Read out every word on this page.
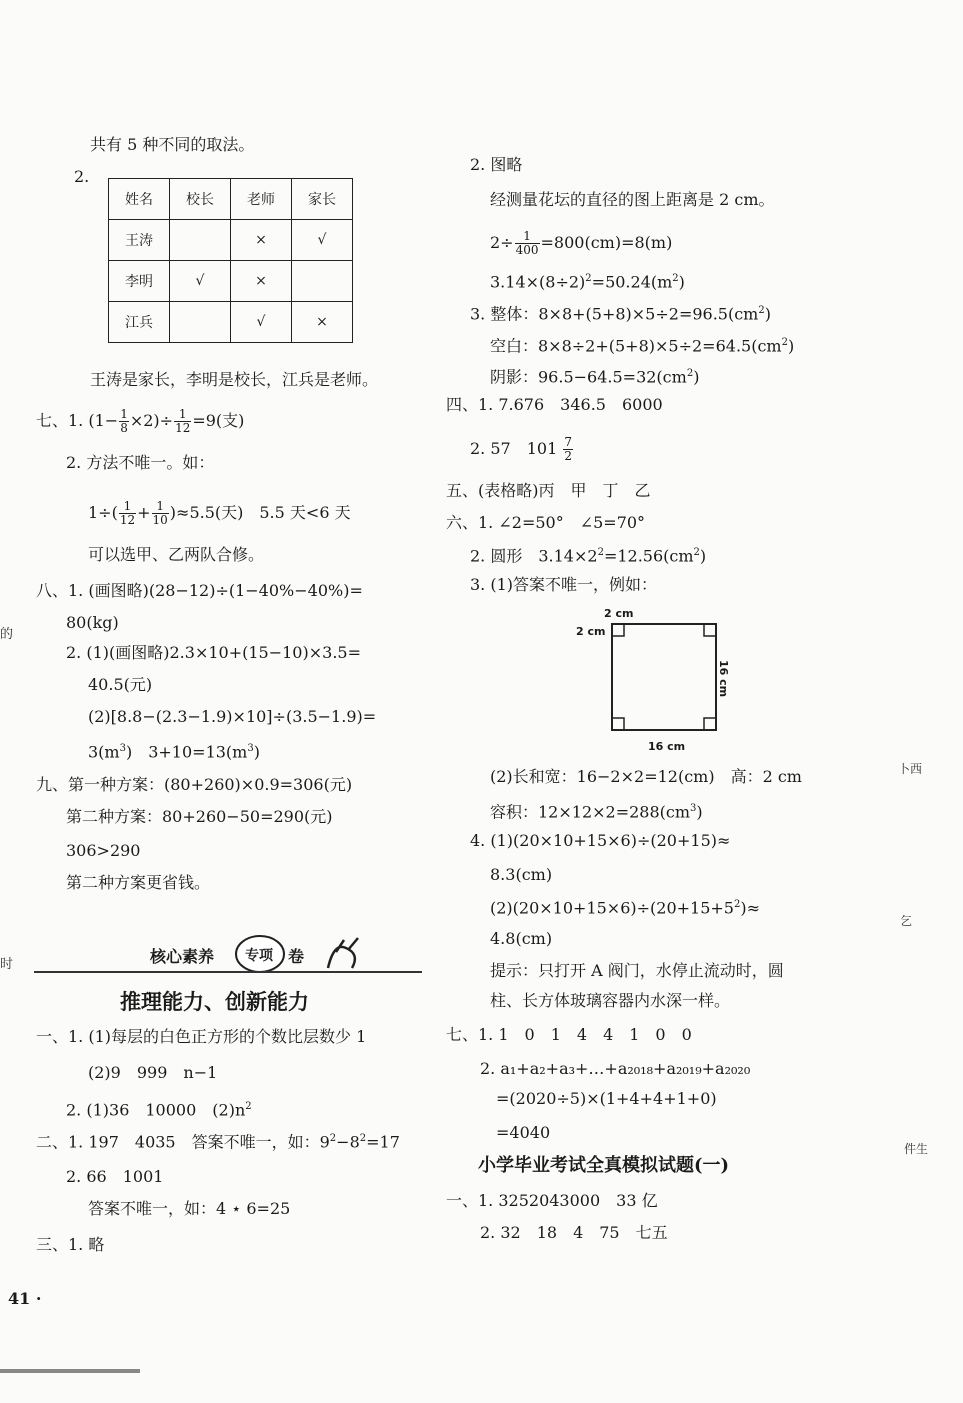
共有 5 种不同的取法。
2.
姓名	校长	老师	家长
王涛		×	√
李明	√	×	
江兵		√	×
王涛是家长，李明是校长，江兵是老师。
七、1. $(1- \frac{1}{8} \times 2)\div \frac{1}{12} =9$(支)
2. 方法不唯一。如：
$1\div( \frac{1}{12} + \frac{1}{10} )\approx 5.5$(天)　5.5 天<6 天
可以选甲、乙两队合修。
八、1. (画图略)(28−12)÷(1−40%−40%)=
80(kg)
2. (1)(画图略)2.3×10+(15−10)×3.5=
40.5(元)
(2)[8.8−(2.3−1.9)×10]÷(3.5−1.9)=
$3(m^3)$　$3+10=13(m^3)$
九、第一种方案：(80+260)×0.9=306(元)
第二种方案：80+260−50=290(元)
306>290
第二种方案更省钱。
核心素养 专项 卷
推理能力、创新能力
一、1. (1)每层的白色正方形的个数比层数少 1
(2)9　999　n−1
2. (1)36　10000　$(2)n^2$
二、1. 197　4035　答案不唯一，如：$9^2-8^2=17$
2. 66　1001
答案不唯一，如：4 ⋆ 6=25
三、1. 略
41 ·
2. 图略
经测量花坛的直径的图上距离是 2 cm。
$2\div \frac{1}{400} =800(cm)=8(m)$
$3.14\times(8\div 2)^2=50.24(m^2)$
3. 整体：$8\times 8+(5+8)\times 5\div 2=96.5(cm^2)$
空白：$8\times 8\div 2+(5+8)\times 5\div 2=64.5(cm^2)$
阴影：$96.5-64.5=32(cm^2)$
四、1. 7.676　346.5　6000
2. 57　$101 \frac{7}{2}$
五、(表格略)丙　甲　丁　乙
六、1. ∠2=50°　∠5=70°
2. 圆形　$3.14\times 2^2=12.56(cm^2)$
3. (1)答案不唯一，例如：
2 cm
2 cm
16 cm
16 cm
(2)长和宽：16−2×2=12(cm)　高：2 cm
容积：$12\times 12\times 2=288(cm^3)$
4. (1)(20×10+15×6)÷(20+15)≈
8.3(cm)
$(2)(20\times 10+15\times 6)\div(20+15+5^2)\approx$
4.8(cm)
提示：只打开 A 阀门，水停止流动时，圆
柱、长方体玻璃容器内水深一样。
七、1. 1　0　1　4　4　1　0　0
2. a₁+a₂+a₃+…+a₂₀₁₈+a₂₀₁₉+a₂₀₂₀
=(2020÷5)×(1+4+4+1+0)
=4040
小学毕业考试全真模拟试题(一)
一、1. 3252043000　33 亿
2. 32　18　4　75　七五
的
时
卜西
乞
件生
